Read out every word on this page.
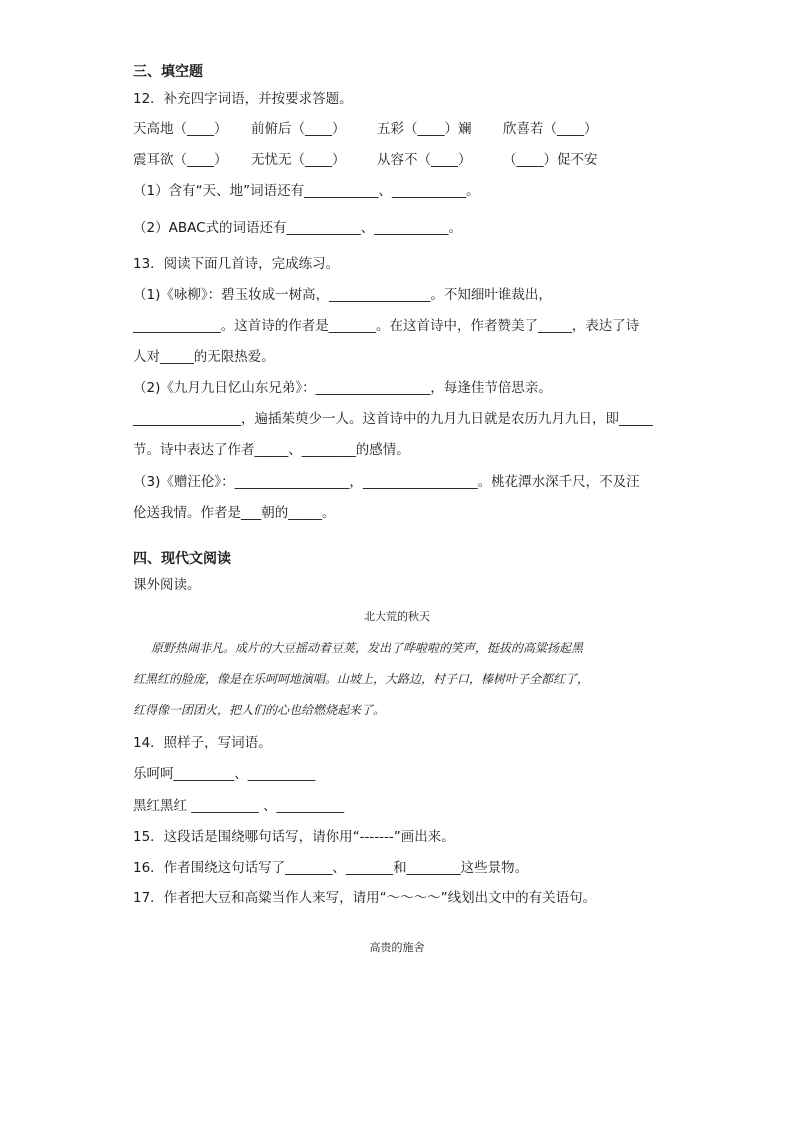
三、填空题
12．补充四字词语，并按要求答题。
天高地（____） 前俯后（____） 五彩（____）斓 欣喜若（____）
震耳欲（____） 无忧无（____） 从容不（____） （____）促不安
（1）含有“天、地”词语还有___________、___________。
（2）ABAC式的词语还有___________、___________。
13．阅读下面几首诗，完成练习。
（1)《咏柳》：碧玉妆成一树高，_______________。不知细叶谁裁出，
_____________。这首诗的作者是_______。在这首诗中，作者赞美了_____，表达了诗
人对_____的无限热爱。
（2)《九月九日忆山东兄弟》：_________________，每逢佳节倍思亲。
________________，遍插茱萸少一人。这首诗中的九月九日就是农历九月九日，即_____
节。诗中表达了作者_____、________的感情。
（3)《赠汪伦》：_________________，_________________。桃花潭水深千尺，不及汪
伦送我情。作者是___朝的_____。
四、现代文阅读
课外阅读。
北大荒的秋天
原野热闹非凡。成片的大豆摇动着豆荚，发出了哗啦啦的笑声，挺拔的高粱扬起黑
红黑红的脸庞，像是在乐呵呵地演唱。山坡上，大路边，村子口，榛树叶子全都红了，
红得像一团团火，把人们的心也给燃烧起来了。
14．照样子，写词语。
乐呵呵_________、__________
黑红黑红 __________ 、__________
15．这段话是围绕哪句话写，请你用“-------”画出来。
16．作者围绕这句话写了_______、_______和________这些景物。
17．作者把大豆和高粱当作人来写，请用“～～～～”线划出文中的有关语句。
高贵的施舍
